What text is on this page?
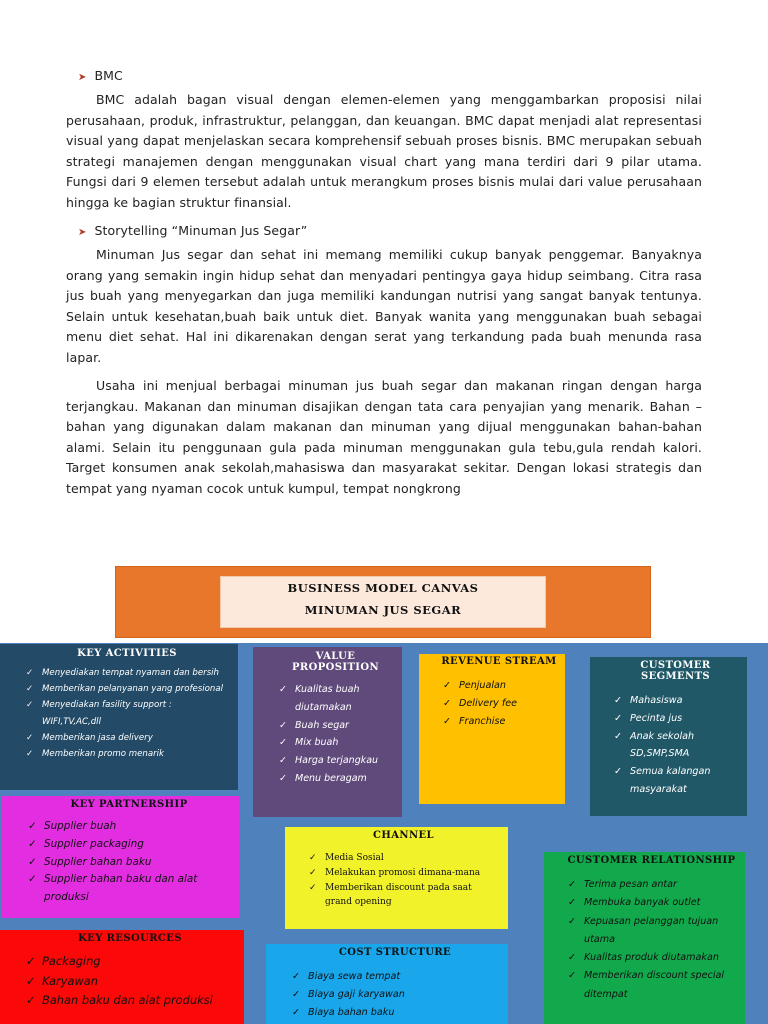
➤ BMC

BMC adalah bagan visual dengan elemen-elemen yang menggambarkan proposisi nilai perusahaan, produk, infrastruktur, pelanggan, dan keuangan. BMC dapat menjadi alat representasi visual yang dapat menjelaskan secara komprehensif sebuah proses bisnis. BMC merupakan sebuah strategi manajemen dengan menggunakan visual chart yang mana terdiri dari 9 pilar utama. Fungsi dari 9 elemen tersebut adalah untuk merangkum proses bisnis mulai dari value perusahaan hingga ke bagian struktur finansial.

➤ Storytelling “Minuman Jus Segar”

Minuman Jus segar dan sehat ini memang memiliki cukup banyak penggemar. Banyaknya orang yang semakin ingin hidup sehat dan menyadari pentingya gaya hidup seimbang. Citra rasa jus buah yang menyegarkan dan juga memiliki kandungan nutrisi yang sangat banyak tentunya. Selain untuk kesehatan,buah baik untuk diet. Banyak wanita yang menggunakan buah sebagai menu diet sehat. Hal ini dikarenakan dengan serat yang terkandung pada buah menunda rasa lapar.

Usaha ini menjual berbagai minuman jus buah segar dan makanan ringan dengan harga terjangkau. Makanan dan minuman disajikan dengan tata cara penyajian yang menarik. Bahan – bahan yang digunakan dalam makanan dan minuman yang dijual menggunakan bahan-bahan alami. Selain itu penggunaan gula pada minuman menggunakan gula tebu,gula rendah kalori. Target konsumen anak sekolah,mahasiswa dan masyarakat sekitar. Dengan lokasi strategis dan tempat yang nyaman cocok untuk kumpul, tempat nongkrong

BUSINESS MODEL CANVAS
MINUMAN JUS SEGAR
KEY ACTIVITIES
✓ Menyediakan tempat nyaman dan bersih
✓ Memberikan pelanyanan yang profesional
✓ Menyediakan fasility support : WIFI,TV,AC,dll
✓ Memberikan jasa delivery
✓ Memberikan promo menarik
VALUE PROPOSITION
✓ Kualitas buah diutamakan
✓ Buah segar
✓ Mix buah
✓ Harga terjangkau
✓ Menu beragam
REVENUE STREAM
✓ Penjualan
✓ Delivery fee
✓ Franchise
CUSTOMER SEGMENTS
✓ Mahasiswa
✓ Pecinta jus
✓ Anak sekolah SD,SMP,SMA
✓ Semua kalangan masyarakat
KEY PARTNERSHIP
✓ Supplier buah
✓ Supplier packaging
✓ Supplier bahan baku
✓ Supplier bahan baku dan alat produksi
CHANNEL
✓ Media Sosial
✓ Melakukan promosi dimana-mana
✓ Memberikan discount pada saat grand opening
CUSTOMER RELATIONSHIP
✓ Terima pesan antar
✓ Membuka banyak outlet
✓ Kepuasan pelanggan tujuan utama
✓ Kualitas produk diutamakan
✓ Memberikan discount special ditempat
KEY RESOURCES
✓ Packaging
✓ Karyawan
✓ Bahan baku dan alat produksi
COST STRUCTURE
✓ Biaya sewa tempat
✓ Biaya gaji karyawan
✓ Biaya bahan baku
